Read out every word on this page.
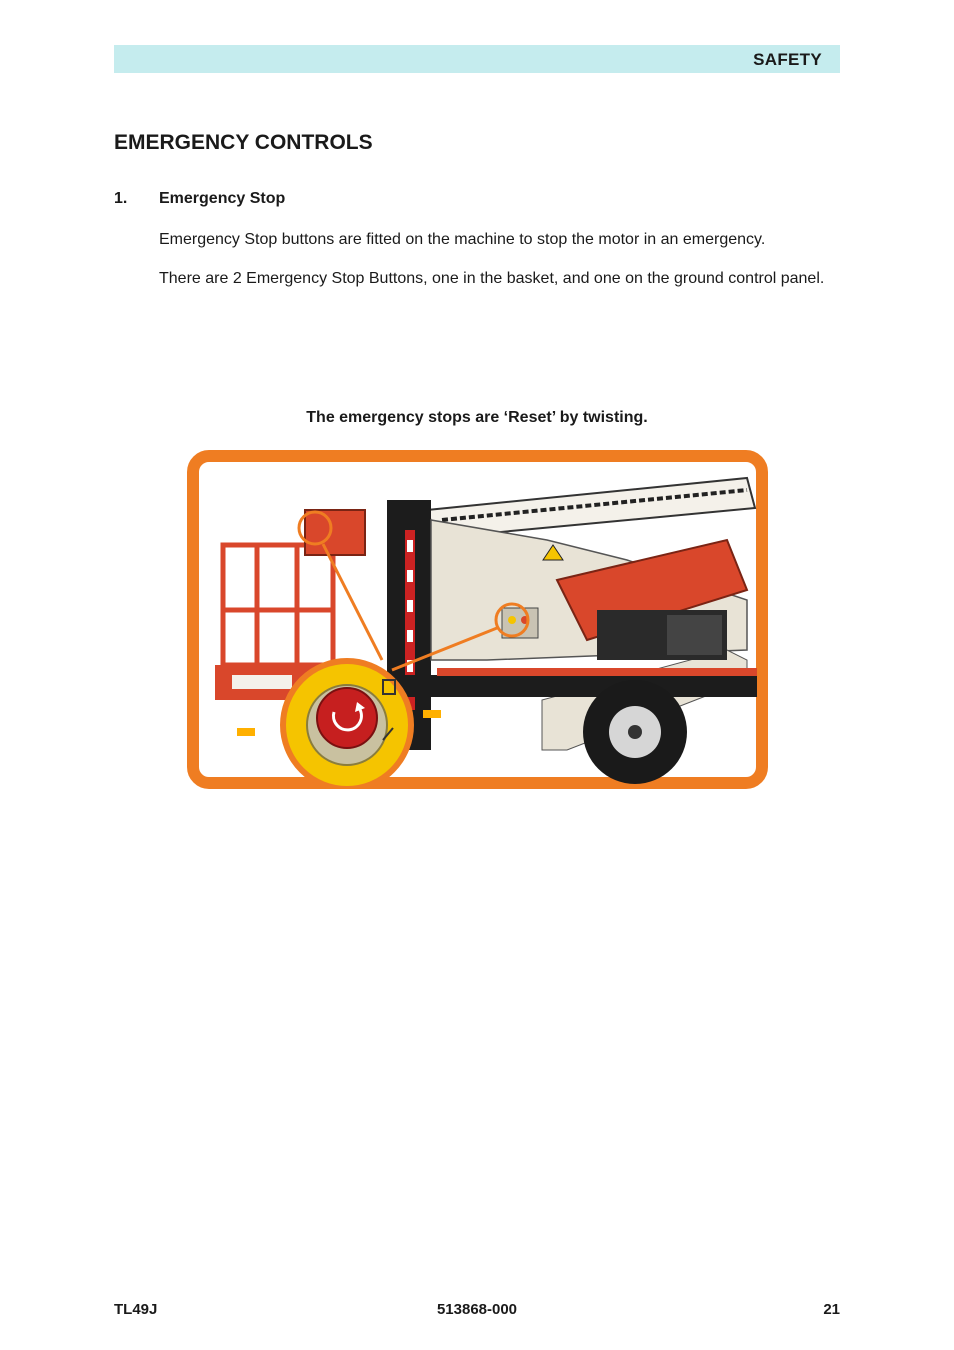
SAFETY
EMERGENCY CONTROLS
1. Emergency Stop

Emergency Stop buttons are fitted on the machine to stop the motor in an emergency.

There are 2 Emergency Stop Buttons, one in the basket, and one on the ground control panel.

The emergency stops are ‘Reset’ by twisting.
TL49J	513868-000	21
